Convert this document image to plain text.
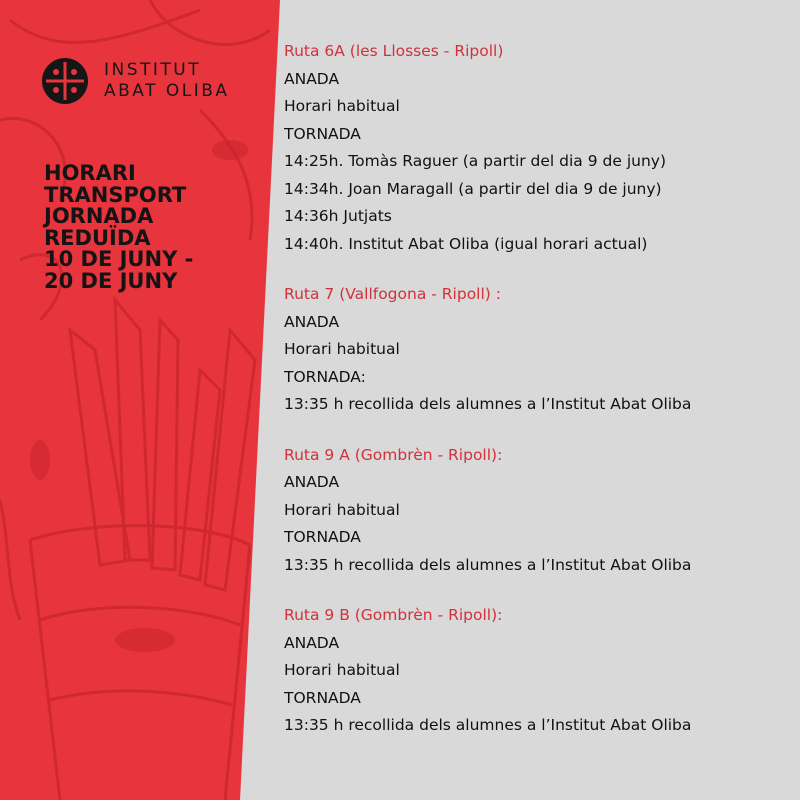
INSTITUT
ABAT OLIBA
HORARI
TRANSPORT
JORNADA
REDUÏDA
10 DE JUNY -
20 DE JUNY
Ruta 6A (les Llosses - Ripoll)
ANADA
Horari habitual
TORNADA
14:25h. Tomàs Raguer (a partir del dia 9 de juny)
14:34h. Joan Maragall (a partir del dia 9 de juny)
14:36h Jutjats
14:40h. Institut Abat Oliba (igual horari actual)
Ruta 7 (Vallfogona - Ripoll) :
ANADA
Horari habitual
TORNADA:
13:35 h recollida dels alumnes a l’Institut Abat Oliba
Ruta 9 A (Gombrèn - Ripoll):
ANADA
Horari habitual
TORNADA
13:35 h recollida dels alumnes a l’Institut Abat Oliba
Ruta 9 B (Gombrèn - Ripoll):
ANADA
Horari habitual
TORNADA
13:35 h recollida dels alumnes a l’Institut Abat Oliba
